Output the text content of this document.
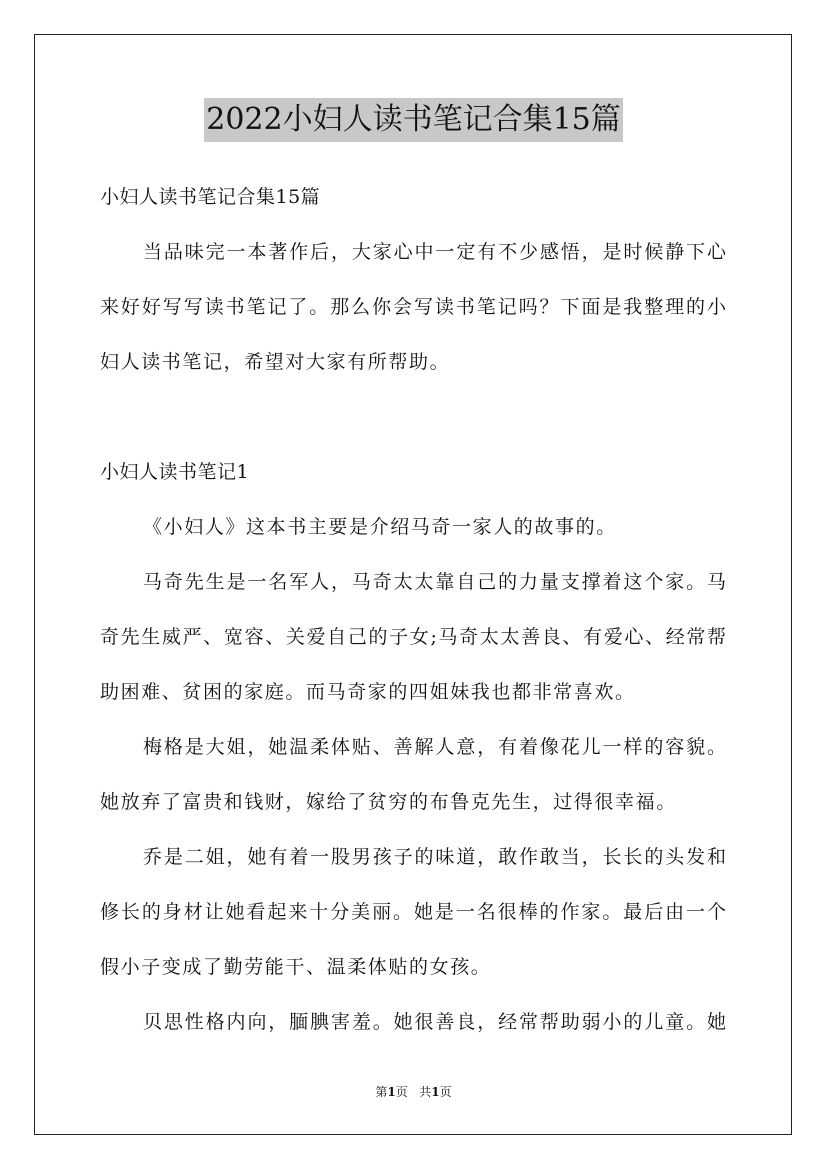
2022小妇人读书笔记合集15篇
小妇人读书笔记合集15篇
当品味完一本著作后，大家心中一定有不少感悟，是时候静下心
来好好写写读书笔记了。那么你会写读书笔记吗？下面是我整理的小
妇人读书笔记，希望对大家有所帮助。
小妇人读书笔记1
《小妇人》这本书主要是介绍马奇一家人的故事的。
马奇先生是一名军人，马奇太太靠自己的力量支撑着这个家。马
奇先生威严、宽容、关爱自己的子女;马奇太太善良、有爱心、经常帮
助困难、贫困的家庭。而马奇家的四姐妹我也都非常喜欢。
梅格是大姐，她温柔体贴、善解人意，有着像花儿一样的容貌。
她放弃了富贵和钱财，嫁给了贫穷的布鲁克先生，过得很幸福。
乔是二姐，她有着一股男孩子的味道，敢作敢当，长长的头发和
修长的身材让她看起来十分美丽。她是一名很棒的作家。最后由一个
假小子变成了勤劳能干、温柔体贴的女孩。
贝思性格内向，腼腆害羞。她很善良，经常帮助弱小的儿童。她
第1页 共1页
